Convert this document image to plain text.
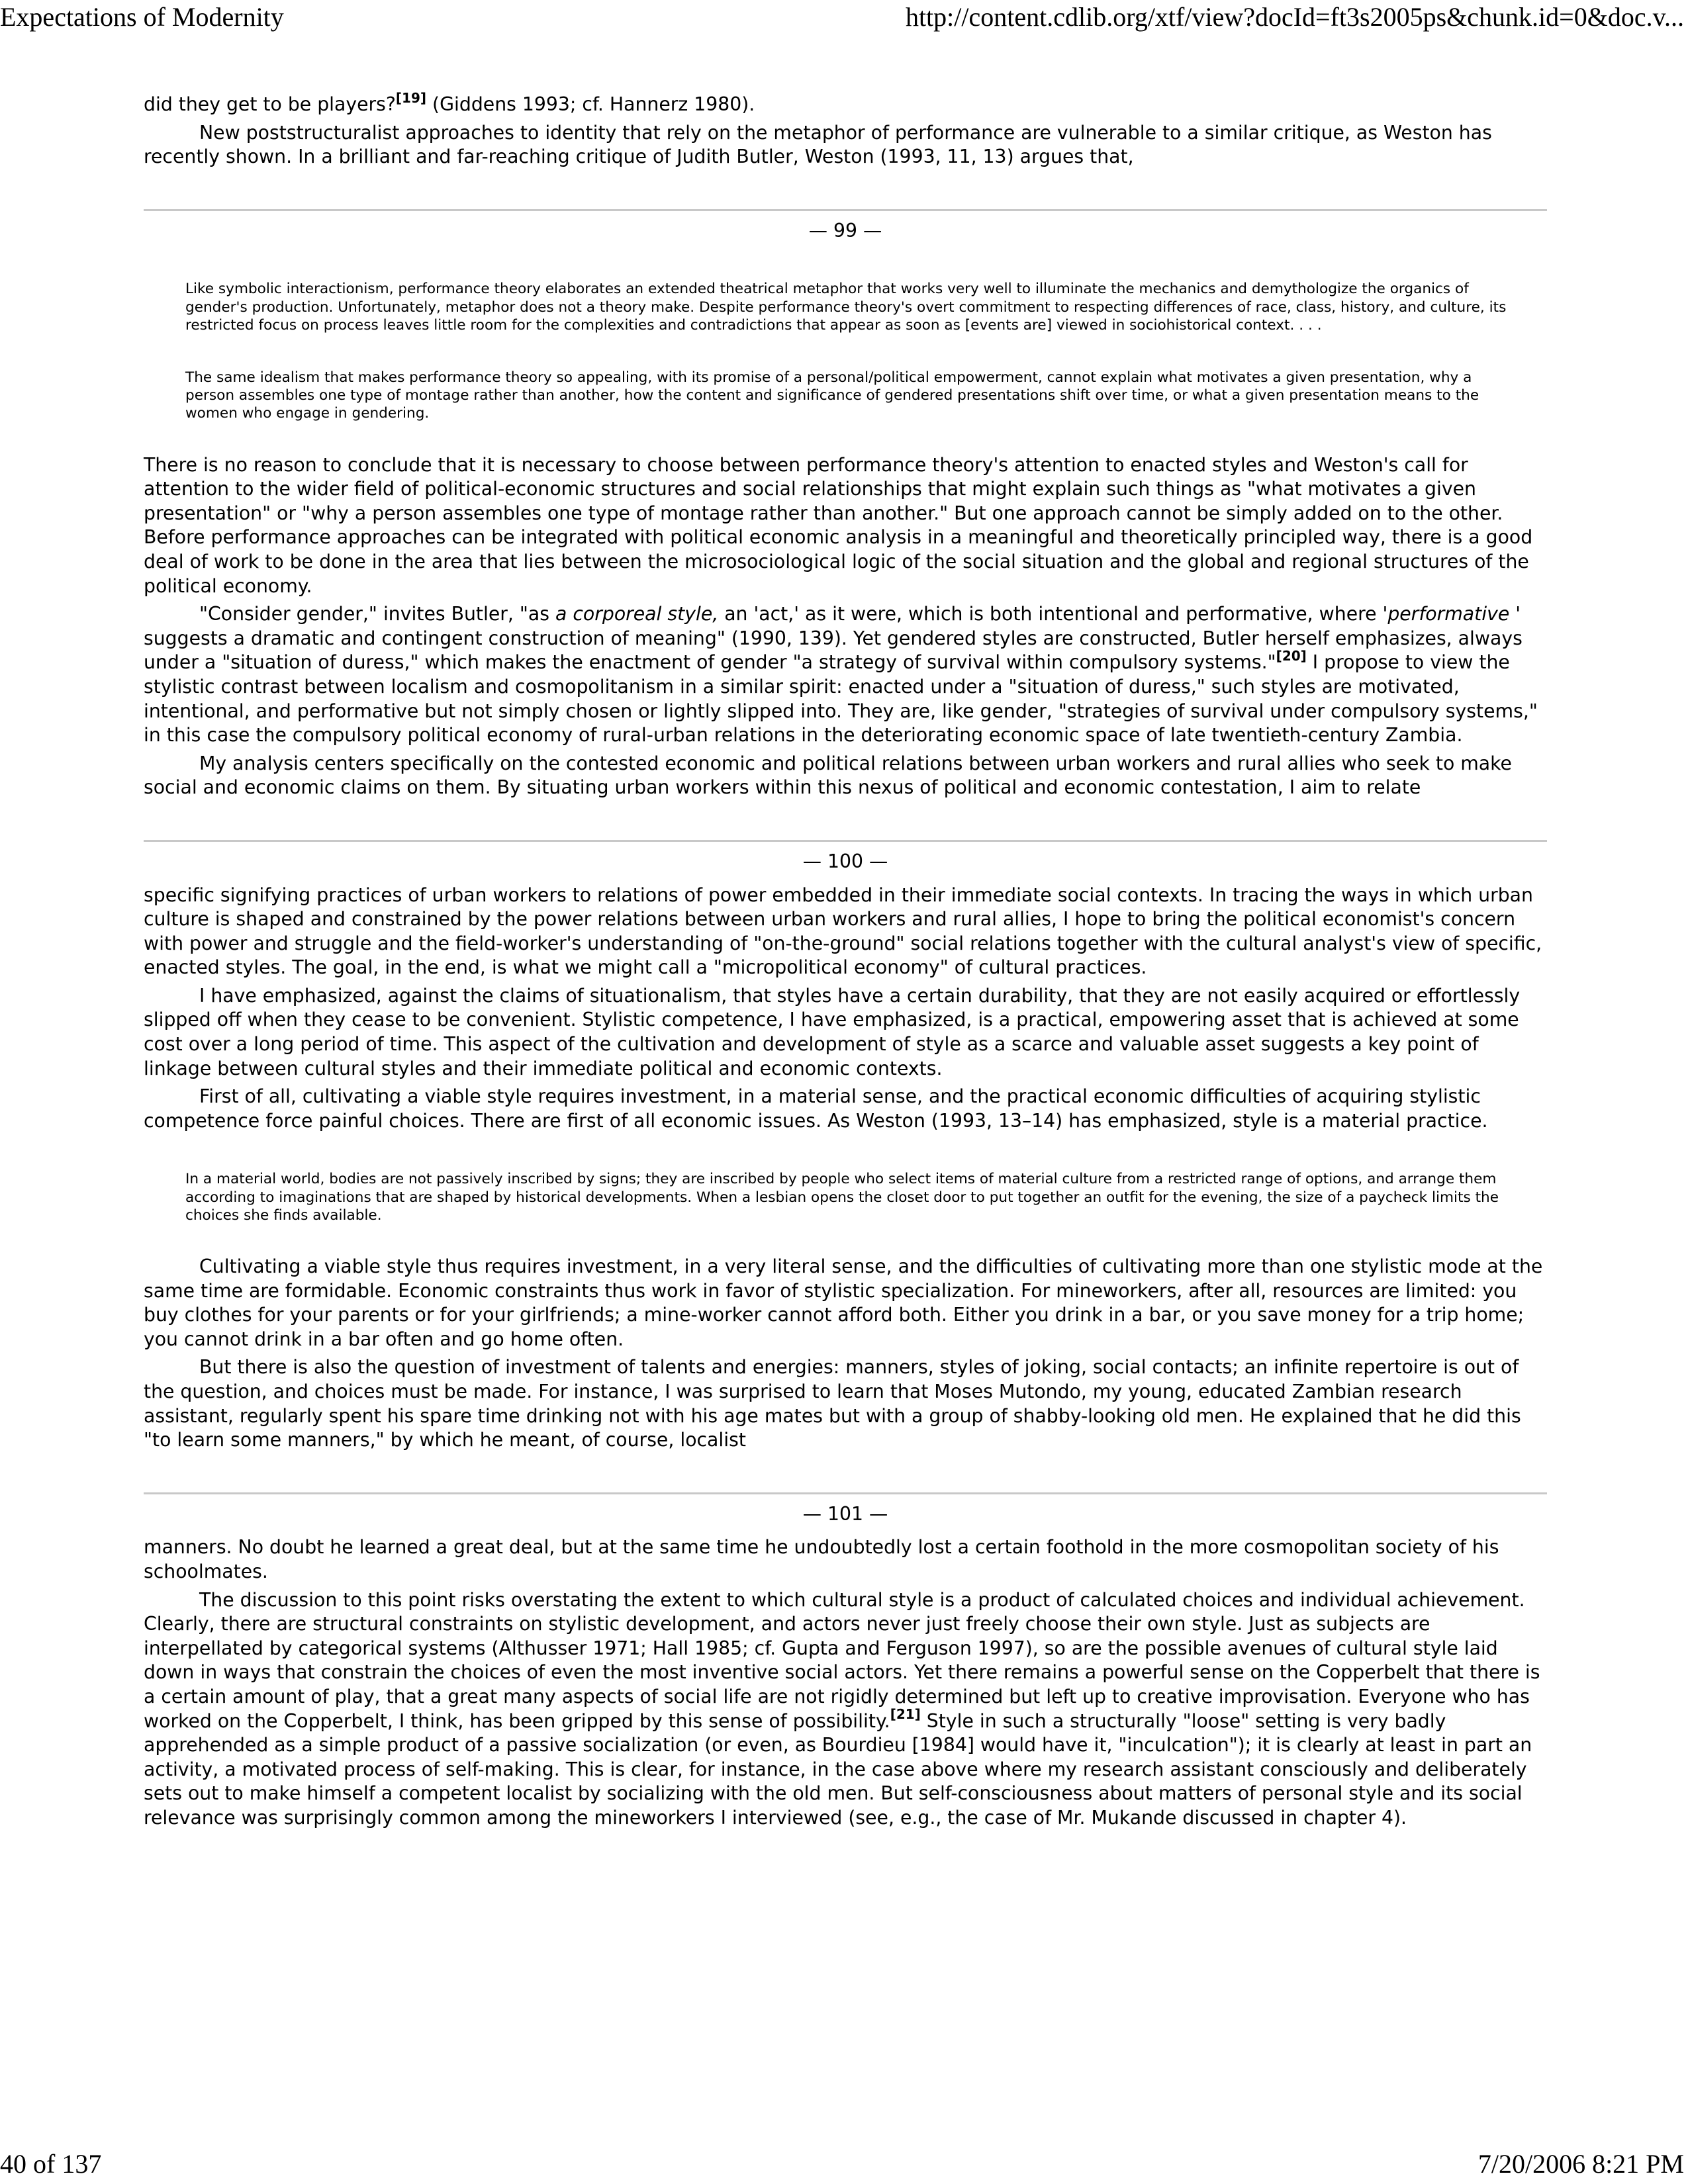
Expectations of Modernity	http://content.cdlib.org/xtf/view?docId=ft3s2005ps&chunk.id=0&doc.v...

did they get to be players?[19] (Giddens 1993; cf. Hannerz 1980).

New poststructuralist approaches to identity that rely on the metaphor of performance are vulnerable to a similar critique, as Weston has recently shown. In a brilliant and far-reaching critique of Judith Butler, Weston (1993, 11, 13) argues that,

— 99 —

Like symbolic interactionism, performance theory elaborates an extended theatrical metaphor that works very well to illuminate the mechanics and demythologize the organics of gender's production. Unfortunately, metaphor does not a theory make. Despite performance theory's overt commitment to respecting differences of race, class, history, and culture, its restricted focus on process leaves little room for the complexities and contradictions that appear as soon as [events are] viewed in sociohistorical context. . . .

The same idealism that makes performance theory so appealing, with its promise of a personal/political empowerment, cannot explain what motivates a given presentation, why a person assembles one type of montage rather than another, how the content and significance of gendered presentations shift over time, or what a given presentation means to the women who engage in gendering.

There is no reason to conclude that it is necessary to choose between performance theory's attention to enacted styles and Weston's call for attention to the wider field of political-economic structures and social relationships that might explain such things as "what motivates a given presentation" or "why a person assembles one type of montage rather than another." But one approach cannot be simply added on to the other. Before performance approaches can be integrated with political economic analysis in a meaningful and theoretically principled way, there is a good deal of work to be done in the area that lies between the microsociological logic of the social situation and the global and regional structures of the political economy.

"Consider gender," invites Butler, "as a corporeal style, an 'act,' as it were, which is both intentional and performative, where 'performative ' suggests a dramatic and contingent construction of meaning" (1990, 139). Yet gendered styles are constructed, Butler herself emphasizes, always under a "situation of duress," which makes the enactment of gender "a strategy of survival within compulsory systems."[20] I propose to view the stylistic contrast between localism and cosmopolitanism in a similar spirit: enacted under a "situation of duress," such styles are motivated, intentional, and performative but not simply chosen or lightly slipped into. They are, like gender, "strategies of survival under compulsory systems," in this case the compulsory political economy of rural-urban relations in the deteriorating economic space of late twentieth-century Zambia.

My analysis centers specifically on the contested economic and political relations between urban workers and rural allies who seek to make social and economic claims on them. By situating urban workers within this nexus of political and economic contestation, I aim to relate

— 100 —

specific signifying practices of urban workers to relations of power embedded in their immediate social contexts. In tracing the ways in which urban culture is shaped and constrained by the power relations between urban workers and rural allies, I hope to bring the political economist's concern with power and struggle and the field-worker's understanding of "on-the-ground" social relations together with the cultural analyst's view of specific, enacted styles. The goal, in the end, is what we might call a "micropolitical economy" of cultural practices.

I have emphasized, against the claims of situationalism, that styles have a certain durability, that they are not easily acquired or effortlessly slipped off when they cease to be convenient. Stylistic competence, I have emphasized, is a practical, empowering asset that is achieved at some cost over a long period of time. This aspect of the cultivation and development of style as a scarce and valuable asset suggests a key point of linkage between cultural styles and their immediate political and economic contexts.

First of all, cultivating a viable style requires investment, in a material sense, and the practical economic difficulties of acquiring stylistic competence force painful choices. There are first of all economic issues. As Weston (1993, 13–14) has emphasized, style is a material practice.

In a material world, bodies are not passively inscribed by signs; they are inscribed by people who select items of material culture from a restricted range of options, and arrange them according to imaginations that are shaped by historical developments. When a lesbian opens the closet door to put together an outfit for the evening, the size of a paycheck limits the choices she finds available.

Cultivating a viable style thus requires investment, in a very literal sense, and the difficulties of cultivating more than one stylistic mode at the same time are formidable. Economic constraints thus work in favor of stylistic specialization. For mineworkers, after all, resources are limited: you buy clothes for your parents or for your girlfriends; a mine-worker cannot afford both. Either you drink in a bar, or you save money for a trip home; you cannot drink in a bar often and go home often.

But there is also the question of investment of talents and energies: manners, styles of joking, social contacts; an infinite repertoire is out of the question, and choices must be made. For instance, I was surprised to learn that Moses Mutondo, my young, educated Zambian research assistant, regularly spent his spare time drinking not with his age mates but with a group of shabby-looking old men. He explained that he did this "to learn some manners," by which he meant, of course, localist

— 101 —

manners. No doubt he learned a great deal, but at the same time he undoubtedly lost a certain foothold in the more cosmopolitan society of his schoolmates.

The discussion to this point risks overstating the extent to which cultural style is a product of calculated choices and individual achievement. Clearly, there are structural constraints on stylistic development, and actors never just freely choose their own style. Just as subjects are interpellated by categorical systems (Althusser 1971; Hall 1985; cf. Gupta and Ferguson 1997), so are the possible avenues of cultural style laid down in ways that constrain the choices of even the most inventive social actors. Yet there remains a powerful sense on the Copperbelt that there is a certain amount of play, that a great many aspects of social life are not rigidly determined but left up to creative improvisation. Everyone who has worked on the Copperbelt, I think, has been gripped by this sense of possibility.[21] Style in such a structurally "loose" setting is very badly apprehended as a simple product of a passive socialization (or even, as Bourdieu [1984] would have it, "inculcation"); it is clearly at least in part an activity, a motivated process of self-making. This is clear, for instance, in the case above where my research assistant consciously and deliberately sets out to make himself a competent localist by socializing with the old men. But self-consciousness about matters of personal style and its social relevance was surprisingly common among the mineworkers I interviewed (see, e.g., the case of Mr. Mukande discussed in chapter 4).

40 of 137	7/20/2006 8:21 PM
